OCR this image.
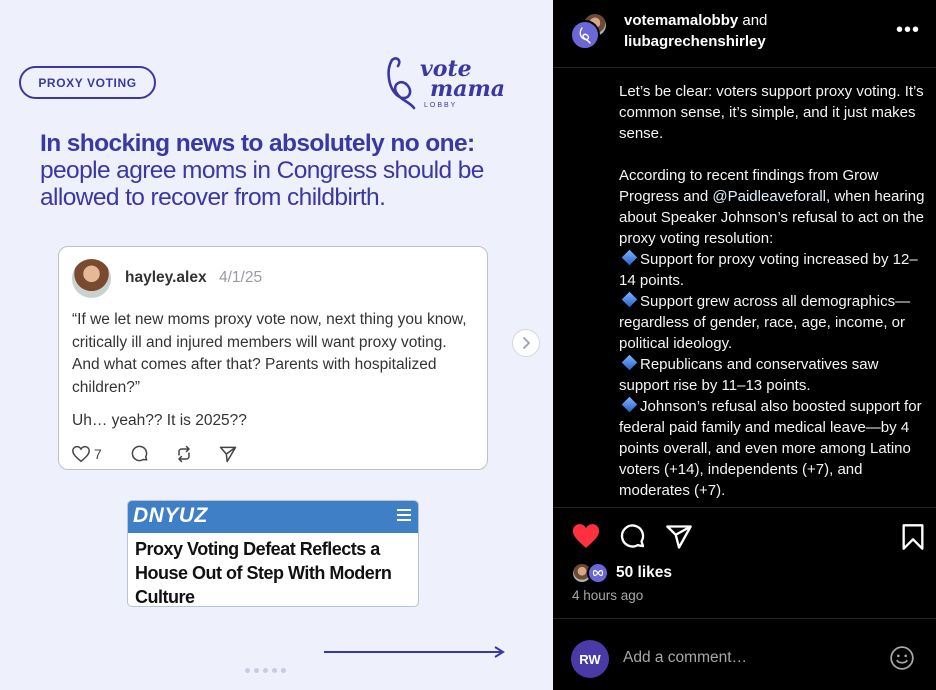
PROXY VOTING
vote
mama
LOBBY
In shocking news to absolutely no one:
people agree moms in Congress should be allowed to recover from childbirth.
hayley.alex 4/1/25
“If we let new moms proxy vote now, next thing you know, critically ill and injured members will want proxy voting. And what comes after that? Parents with hospitalized children?”
Uh… yeah?? It is 2025??
7
DNYUZ
Proxy Voting Defeat Reflects a House Out of Step With Modern Culture
votemamalobby and
liubagrechenshirley
•••

Let’s be clear: voters support proxy voting. It’s common sense, it’s simple, and it just makes sense.

According to recent findings from Grow Progress and @Paidleaveforall, when hearing about Speaker Johnson’s refusal to act on the proxy voting resolution:

Support for proxy voting increased by 12–14 points.

Support grew across all demographics—regardless of gender, race, age, income, or political ideology.

Republicans and conservatives saw support rise by 11–13 points.

Johnson’s refusal also boosted support for federal paid family and medical leave—by 4 points overall, and even more among Latino voters (+14), independents (+7), and moderates (+7).

50 likes
4 hours ago
RW
Add a comment…
